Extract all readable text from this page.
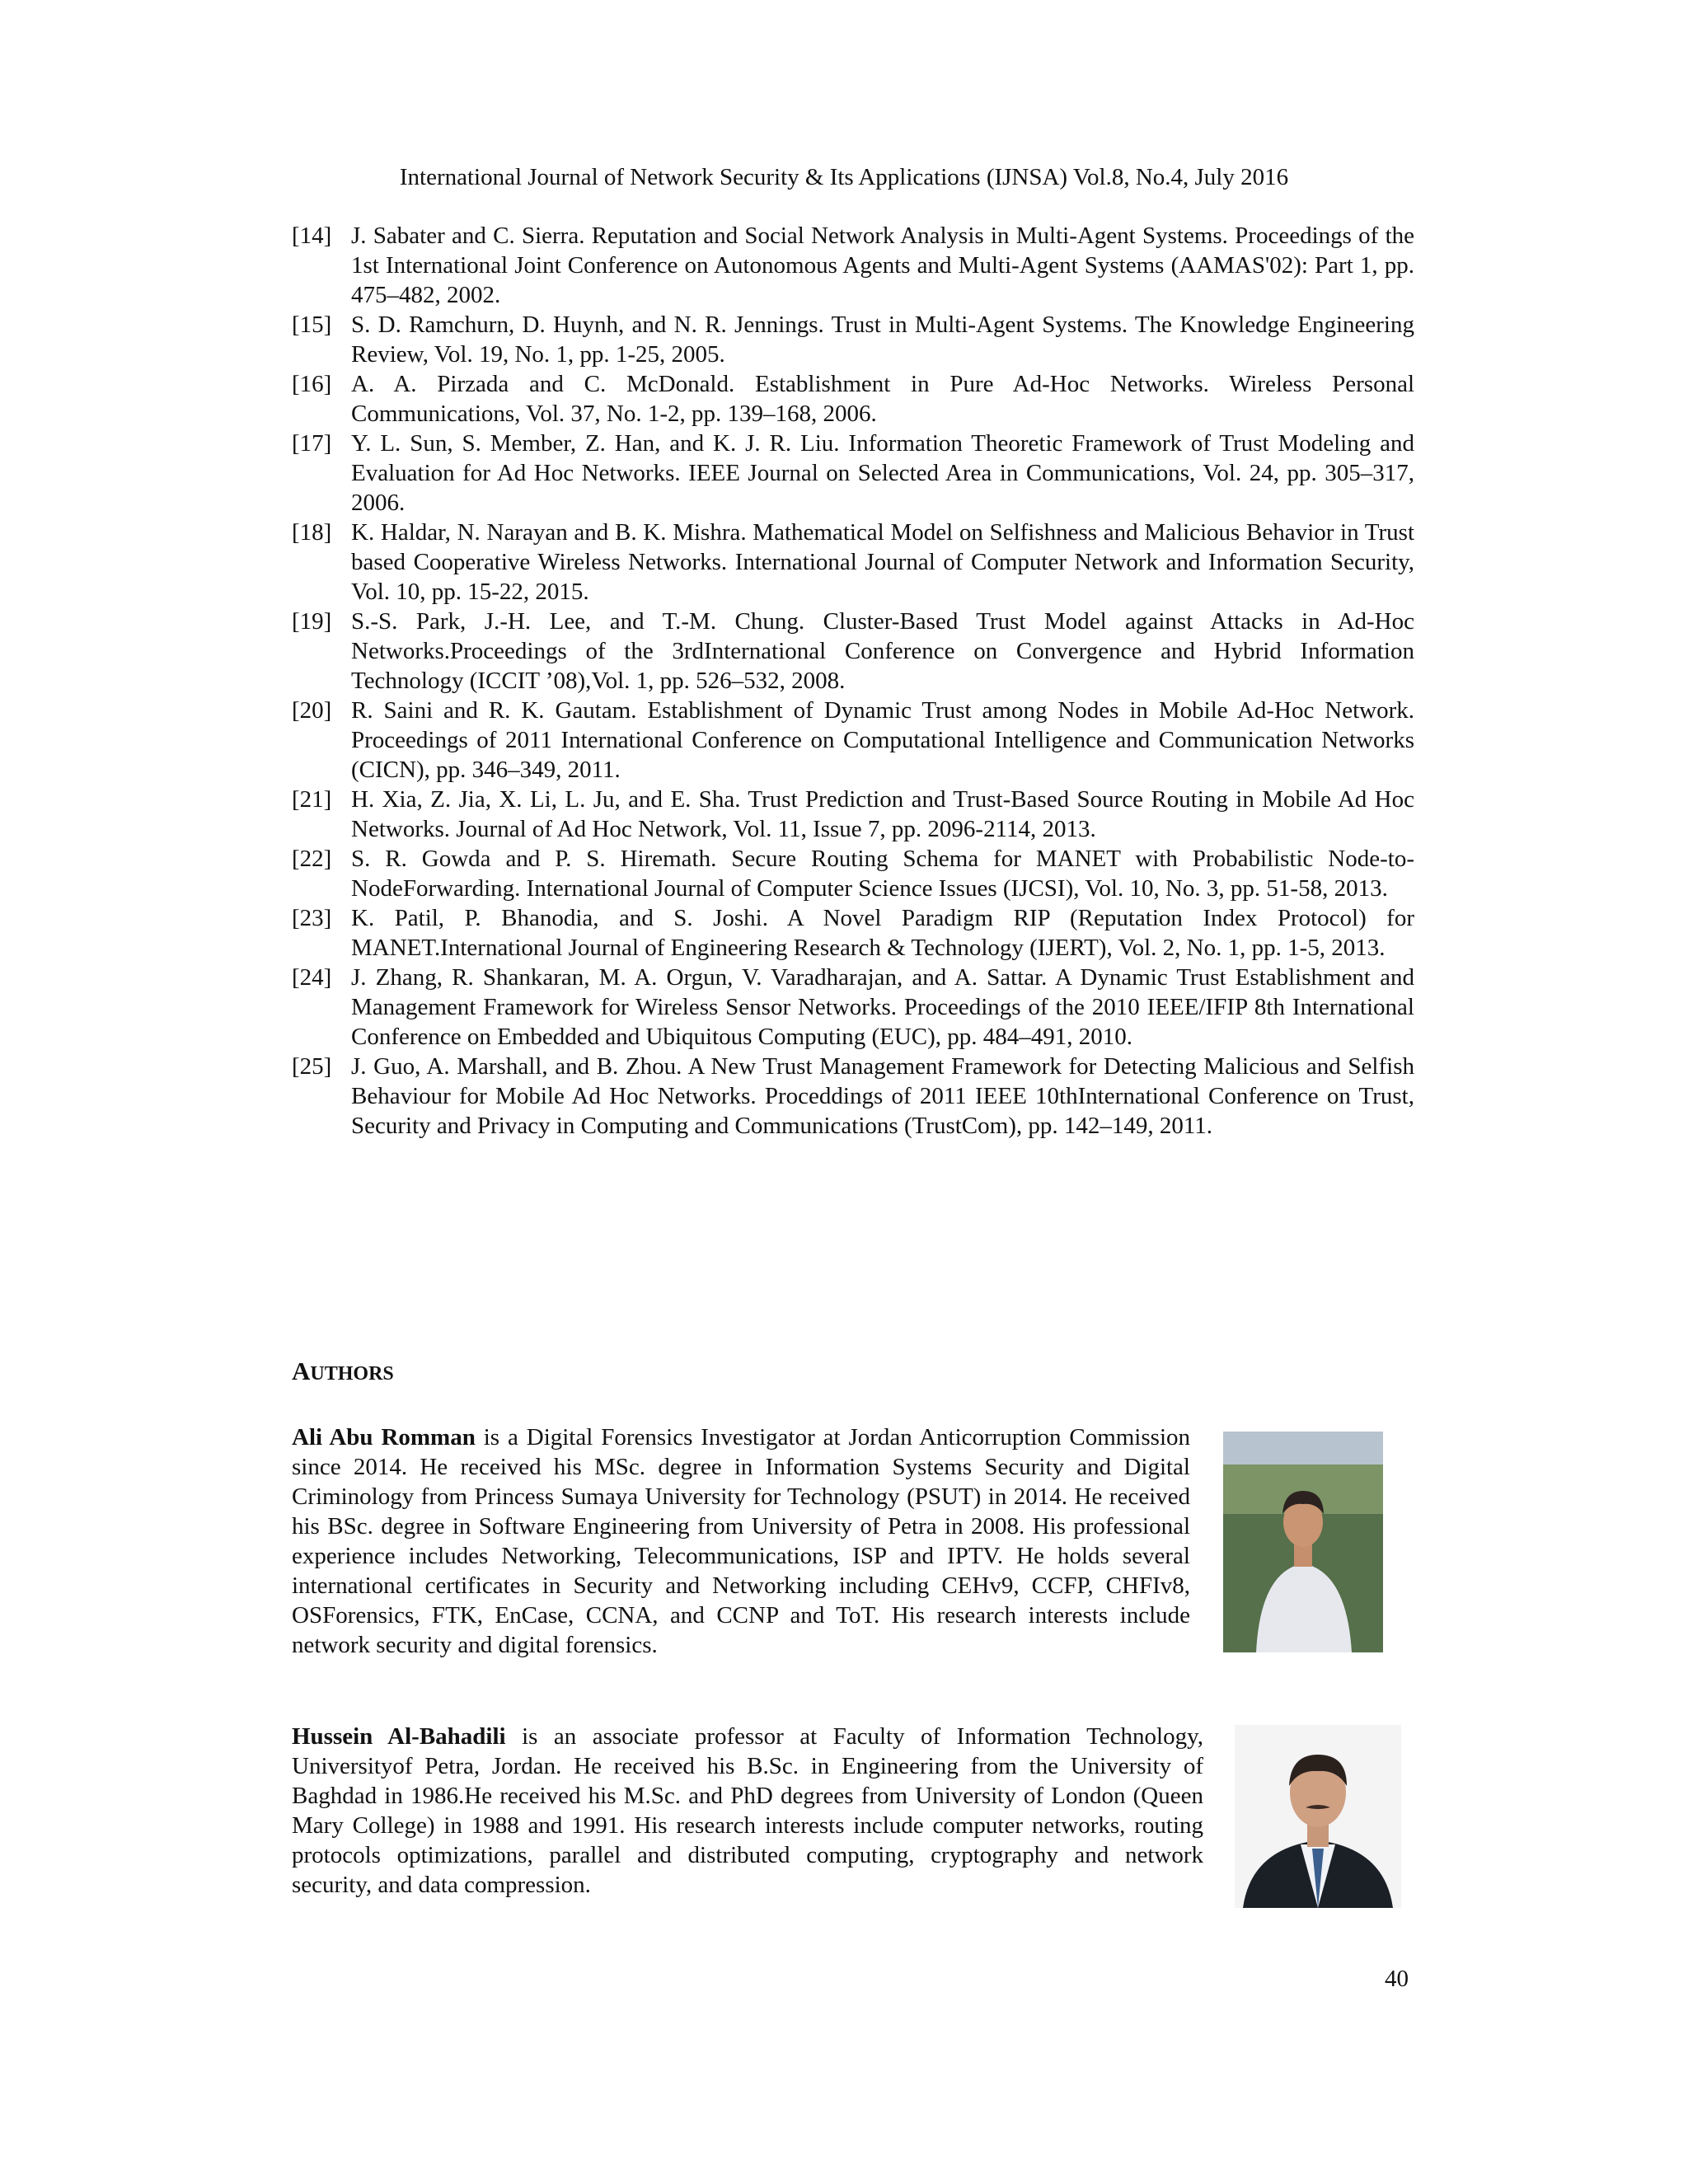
International Journal of Network Security & Its Applications (IJNSA) Vol.8, No.4, July 2016

[14] J. Sabater and C. Sierra. Reputation and Social Network Analysis in Multi-Agent Systems. Proceedings of the 1st International Joint Conference on Autonomous Agents and Multi-Agent Systems (AAMAS'02): Part 1, pp. 475–482, 2002.

[15] S. D. Ramchurn, D. Huynh, and N. R. Jennings. Trust in Multi-Agent Systems. The Knowledge Engineering Review, Vol. 19, No. 1, pp. 1-25, 2005.

[16] A. A. Pirzada and C. McDonald. Establishment in Pure Ad-Hoc Networks. Wireless Personal Communications, Vol. 37, No. 1-2, pp. 139–168, 2006.

[17] Y. L. Sun, S. Member, Z. Han, and K. J. R. Liu. Information Theoretic Framework of Trust Modeling and Evaluation for Ad Hoc Networks. IEEE Journal on Selected Area in Communications, Vol. 24, pp. 305–317, 2006.

[18] K. Haldar, N. Narayan and B. K. Mishra. Mathematical Model on Selfishness and Malicious Behavior in Trust based Cooperative Wireless Networks. International Journal of Computer Network and Information Security, Vol. 10, pp. 15-22, 2015.

[19] S.-S. Park, J.-H. Lee, and T.-M. Chung. Cluster-Based Trust Model against Attacks in Ad-Hoc Networks.Proceedings of the 3rdInternational Conference on Convergence and Hybrid Information Technology (ICCIT ’08),Vol. 1, pp. 526–532, 2008.

[20] R. Saini and R. K. Gautam. Establishment of Dynamic Trust among Nodes in Mobile Ad-Hoc Network. Proceedings of 2011 International Conference on Computational Intelligence and Communication Networks (CICN), pp. 346–349, 2011.

[21] H. Xia, Z. Jia, X. Li, L. Ju, and E. Sha. Trust Prediction and Trust-Based Source Routing in Mobile Ad Hoc Networks. Journal of Ad Hoc Network, Vol. 11, Issue 7, pp. 2096-2114, 2013.

[22] S. R. Gowda and P. S. Hiremath. Secure Routing Schema for MANET with Probabilistic Node-to-NodeForwarding. International Journal of Computer Science Issues (IJCSI), Vol. 10, No. 3, pp. 51-58, 2013.

[23] K. Patil, P. Bhanodia, and S. Joshi. A Novel Paradigm RIP (Reputation Index Protocol) for MANET.International Journal of Engineering Research & Technology (IJERT), Vol. 2, No. 1, pp. 1-5, 2013.

[24] J. Zhang, R. Shankaran, M. A. Orgun, V. Varadharajan, and A. Sattar. A Dynamic Trust Establishment and Management Framework for Wireless Sensor Networks. Proceedings of the 2010 IEEE/IFIP 8th International Conference on Embedded and Ubiquitous Computing (EUC), pp. 484–491, 2010.

[25] J. Guo, A. Marshall, and B. Zhou. A New Trust Management Framework for Detecting Malicious and Selfish Behaviour for Mobile Ad Hoc Networks. Proceddings of 2011 IEEE 10thInternational Conference on Trust, Security and Privacy in Computing and Communications (TrustCom), pp. 142–149, 2011.

AUTHORS
Ali Abu Romman is a Digital Forensics Investigator at Jordan Anticorruption Commission since 2014. He received his MSc. degree in Information Systems Security and Digital Criminology from Princess Sumaya University for Technology (PSUT) in 2014. He received his BSc. degree in Software Engineering from University of Petra in 2008. His professional experience includes Networking, Telecommunications, ISP and IPTV. He holds several international certificates in Security and Networking including CEHv9, CCFP, CHFIv8, OSForensics, FTK, EnCase, CCNA, and CCNP and ToT. His research interests include network security and digital forensics.
Hussein Al-Bahadili is an associate professor at Faculty of Information Technology, Universityof Petra, Jordan. He received his B.Sc. in Engineering from the University of Baghdad in 1986.He received his M.Sc. and PhD degrees from University of London (Queen Mary College) in 1988 and 1991. His research interests include computer networks, routing protocols optimizations, parallel and distributed computing, cryptography and network security, and data compression.
40
